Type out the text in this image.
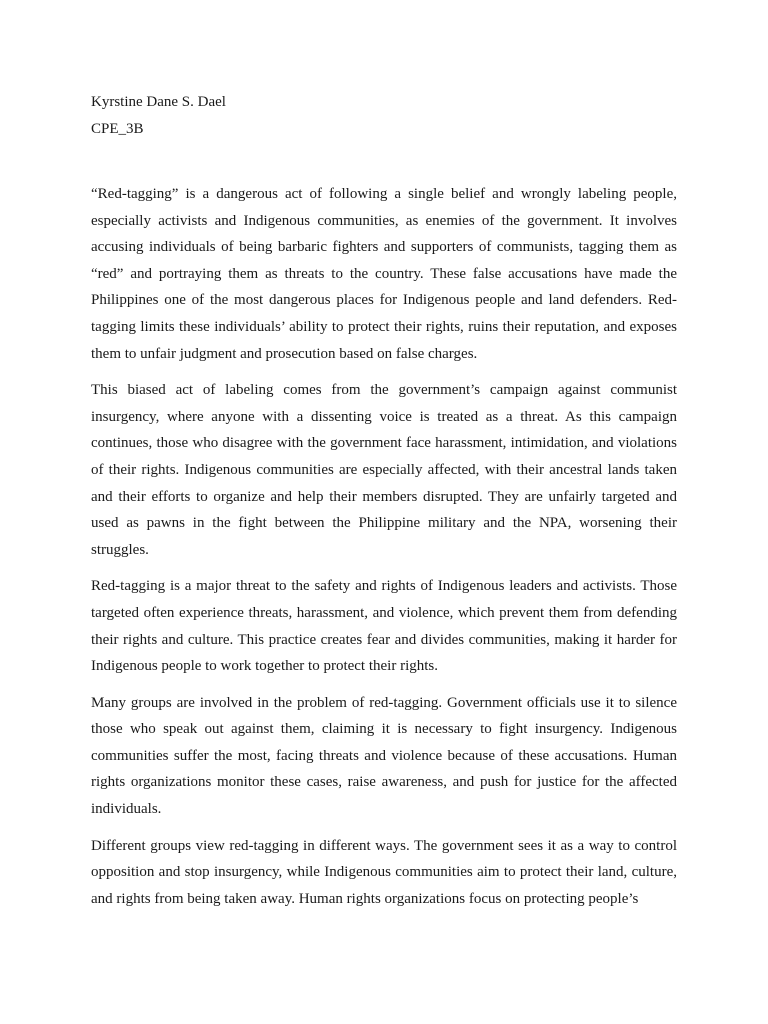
Kyrstine Dane S. Dael
CPE_3B

“Red-tagging” is a dangerous act of following a single belief and wrongly labeling people, especially activists and Indigenous communities, as enemies of the government. It involves accusing individuals of being barbaric fighters and supporters of communists, tagging them as “red” and portraying them as threats to the country. These false accusations have made the Philippines one of the most dangerous places for Indigenous people and land defenders. Red-tagging limits these individuals’ ability to protect their rights, ruins their reputation, and exposes them to unfair judgment and prosecution based on false charges.

This biased act of labeling comes from the government’s campaign against communist insurgency, where anyone with a dissenting voice is treated as a threat. As this campaign continues, those who disagree with the government face harassment, intimidation, and violations of their rights. Indigenous communities are especially affected, with their ancestral lands taken and their efforts to organize and help their members disrupted. They are unfairly targeted and used as pawns in the fight between the Philippine military and the NPA, worsening their struggles.

Red-tagging is a major threat to the safety and rights of Indigenous leaders and activists. Those targeted often experience threats, harassment, and violence, which prevent them from defending their rights and culture. This practice creates fear and divides communities, making it harder for Indigenous people to work together to protect their rights.

Many groups are involved in the problem of red-tagging. Government officials use it to silence those who speak out against them, claiming it is necessary to fight insurgency. Indigenous communities suffer the most, facing threats and violence because of these accusations. Human rights organizations monitor these cases, raise awareness, and push for justice for the affected individuals.

Different groups view red-tagging in different ways. The government sees it as a way to control opposition and stop insurgency, while Indigenous communities aim to protect their land, culture, and rights from being taken away. Human rights organizations focus on protecting people’s
